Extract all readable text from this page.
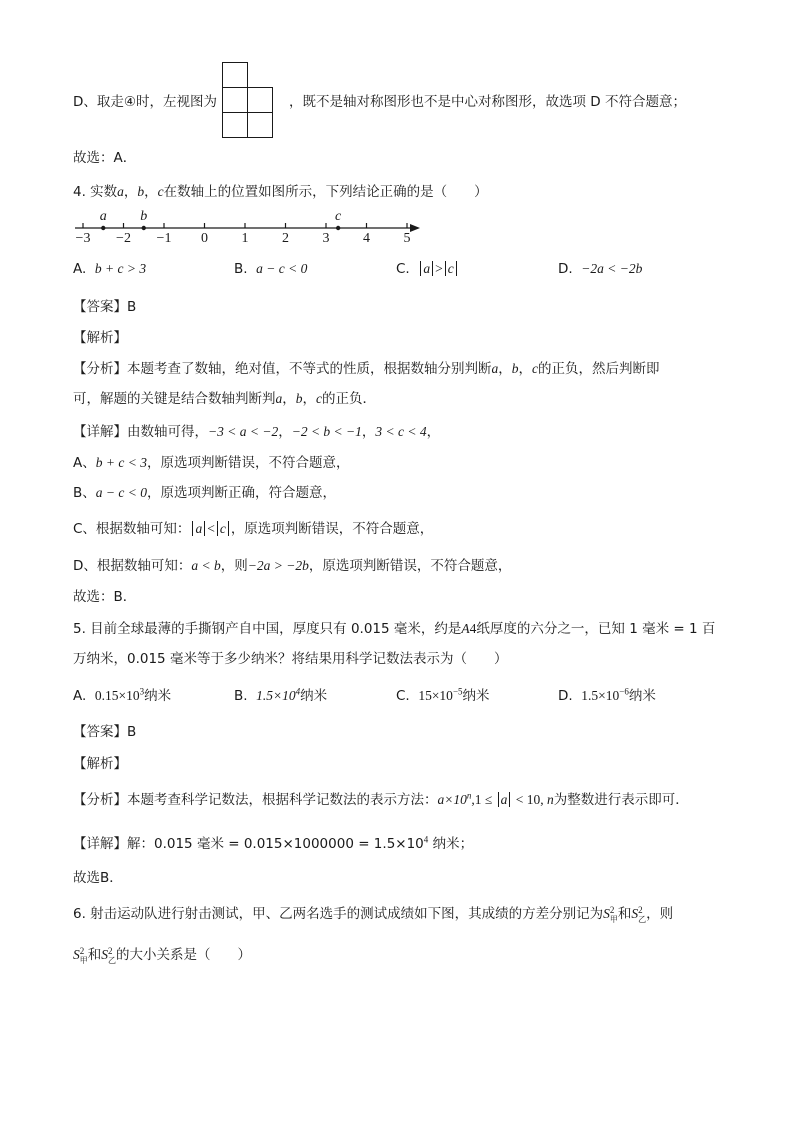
D、取走④时，左视图为	，既不是轴对称图形也不是中心对称图形，故选项 D 不符合题意；
故选：A．
4. 实数a，b，c在数轴上的位置如图所示，下列结论正确的是（　　）
−3	−2	−1	0	1	2	3	4	5
a	b	c
A. b + c > 3	B. a − c < 0	C. a > c	D. −2a < −2b
【答案】B
【解析】
【分析】本题考查了数轴，绝对值，不等式的性质，根据数轴分别判断a，b，c的正负，然后判断即
可，解题的关键是结合数轴判断判a，b，c的正负．
【详解】由数轴可得，−3 < a < −2，−2 < b < −1，3 < c < 4，
A、b + c < 3，原选项判断错误，不符合题意，
B、a − c < 0，原选项判断正确，符合题意，
C、根据数轴可知： a < c ，原选项判断错误，不符合题意，
D、根据数轴可知：a < b，则−2a > −2b，原选项判断错误，不符合题意，
故选：B．
5. 目前全球最薄的手撕钢产自中国，厚度只有 0.015 毫米，约是A4纸厚度的六分之一，已知 1 毫米 = 1 百
万纳米，0.015 毫米等于多少纳米？将结果用科学记数法表示为（　　）
A. $0.15\times 10^3$纳米	B. $1.5\times 10^4$纳米	C. $15\times 10^{-5}$纳米	D. $1.5\times 10^{-6}$纳米
【答案】B
【解析】
【分析】本题考查科学记数法，根据科学记数法的表示方法：$a\times 10^n,1 \le a < 10$, n为整数进行表示即可．
【详解】解：0.015 毫米 = $0.015\times 1000000 = 1.5\times 10^4$ 纳米；
故选B．
6. 射击运动队进行射击测试，甲、乙两名选手的测试成绩如下图，其成绩的方差分别记为S 2
甲 和S 2
乙 ，则
S 2
甲 和S 2
乙 的大小关系是（　　）
